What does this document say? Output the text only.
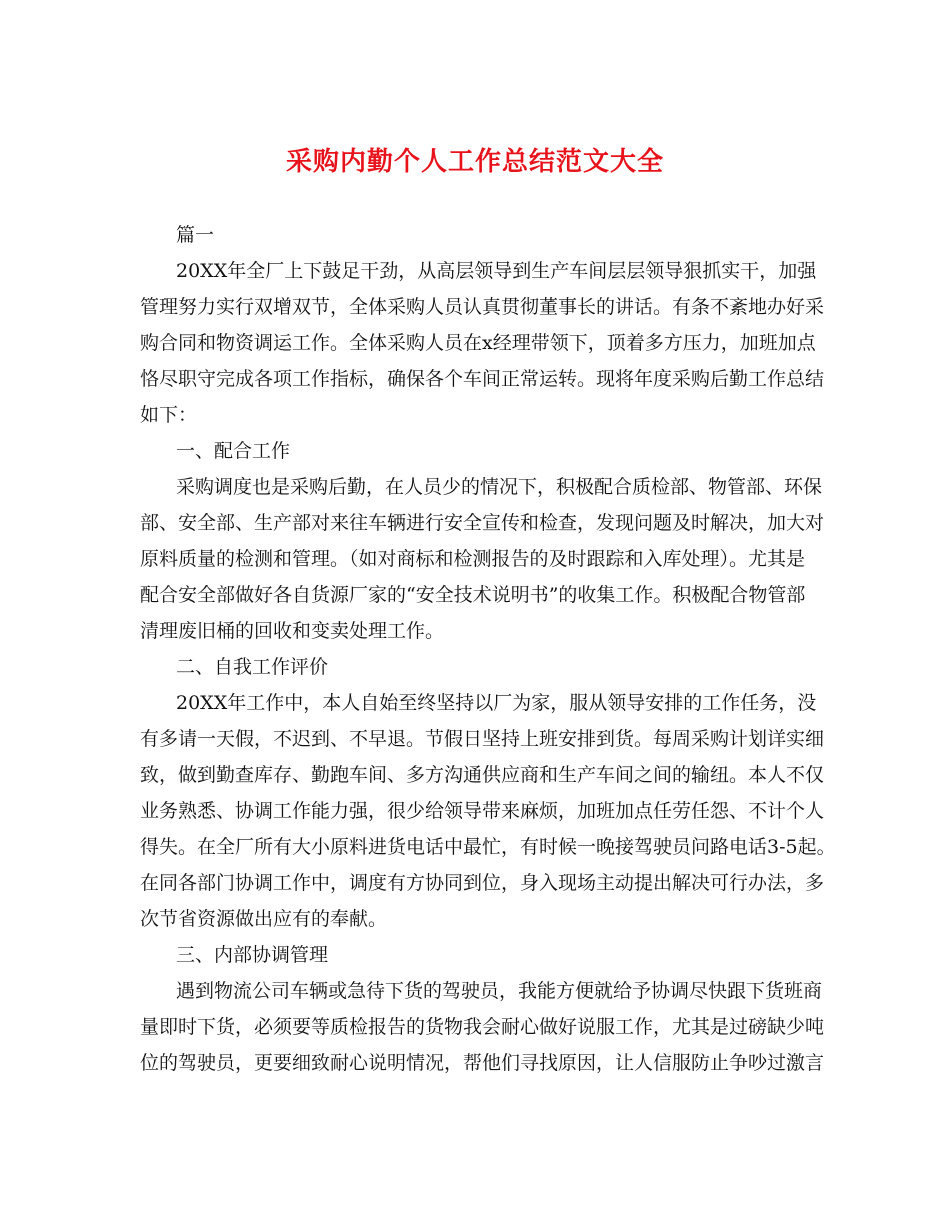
采购内勤个人工作总结范文大全
篇一
20XX年全厂上下鼓足干劲，从高层领导到生产车间层层领导狠抓实干，加强
管理努力实行双增双节，全体采购人员认真贯彻董事长的讲话。有条不紊地办好采
购合同和物资调运工作。全体采购人员在x经理带领下，顶着多方压力，加班加点
恪尽职守完成各项工作指标，确保各个车间正常运转。现将年度采购后勤工作总结
如下：
一、配合工作
采购调度也是采购后勤，在人员少的情况下，积极配合质检部、物管部、环保
部、安全部、生产部对来往车辆进行安全宣传和检查，发现问题及时解决，加大对
原料质量的检测和管理。（如对商标和检测报告的及时跟踪和入库处理）。尤其是
配合安全部做好各自货源厂家的“安全技术说明书”的收集工作。积极配合物管部
清理废旧桶的回收和变卖处理工作。
二、自我工作评价
20XX年工作中，本人自始至终坚持以厂为家，服从领导安排的工作任务，没
有多请一天假，不迟到、不早退。节假日坚持上班安排到货。每周采购计划详实细
致，做到勤查库存、勤跑车间、多方沟通供应商和生产车间之间的输纽。本人不仅
业务熟悉、协调工作能力强，很少给领导带来麻烦，加班加点任劳任怨、不计个人
得失。在全厂所有大小原料进货电话中最忙，有时候一晚接驾驶员问路电话3-5起。
在同各部门协调工作中，调度有方协同到位，身入现场主动提出解决可行办法，多
次节省资源做出应有的奉献。
三、内部协调管理
遇到物流公司车辆或急待下货的驾驶员，我能方便就给予协调尽快跟下货班商
量即时下货，必须要等质检报告的货物我会耐心做好说服工作，尤其是过磅缺少吨
位的驾驶员，更要细致耐心说明情况，帮他们寻找原因，让人信服防止争吵过激言
